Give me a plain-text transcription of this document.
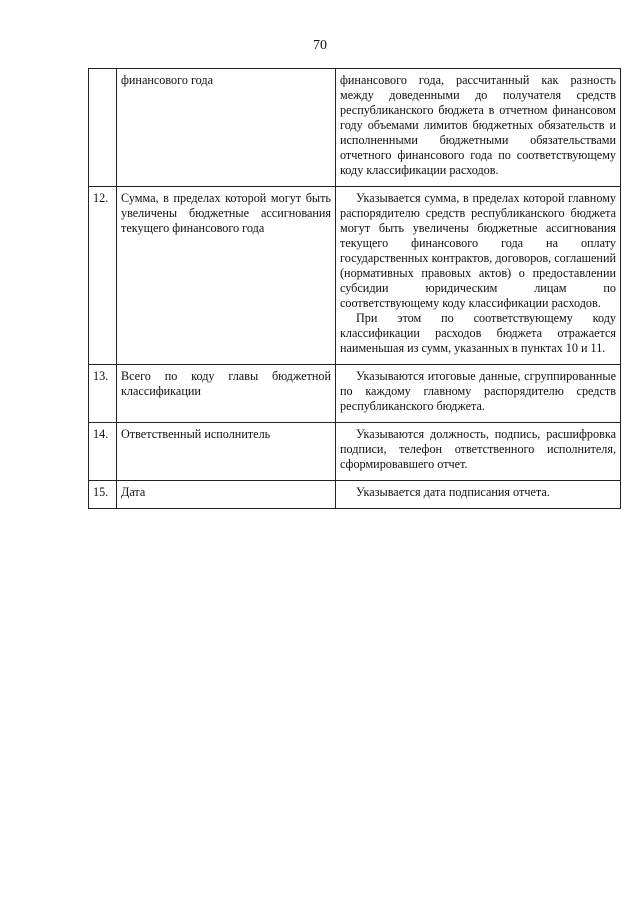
70

	финансового года	финансового года, рассчитанный как разность между доведенными до получателя средств республиканского бюджета в отчетном финансовом году объемами лимитов бюджетных обязательств и исполненными бюджетными обязательствами отчетного финансового года по соответствующему коду классификации расходов.

12.	Сумма, в пределах которой могут быть увеличены бюджетные ассигнования текущего финансового года	Указывается сумма, в пределах которой главному распорядителю средств республиканского бюджета могут быть увеличены бюджетные ассигнования текущего финансового года на оплату государственных контрактов, договоров, соглашений (нормативных правовых актов) о предоставлении субсидии юридическим лицам по соответствующему коду классификации расходов.

При этом по соответствующему коду классификации расходов бюджета отражается наименьшая из сумм, указанных в пунктах 10 и 11.

13.	Всего по коду главы бюджетной классификации	Указываются итоговые данные, сгруппированные по каждому главному распорядителю средств республиканского бюджета.

14.	Ответственный исполнитель	Указываются должность, подпись, расшифровка подписи, телефон ответственного исполнителя, сформировавшего отчет.

15.	Дата	Указывается дата подписания отчета.
